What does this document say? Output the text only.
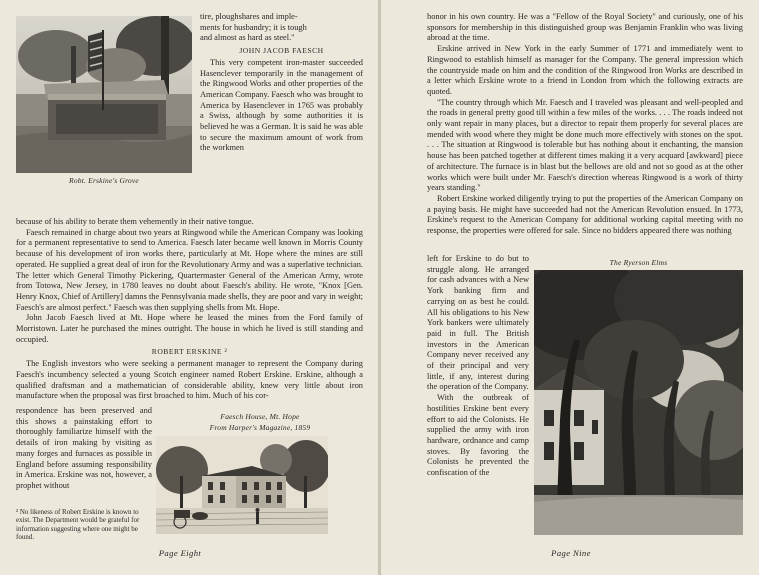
Robt. Erskine's Grove
tire, ploughshares and imple-
ments for husbandry; it is tough
and almost as hard as steel."
JOHN JACOB FAESCH

This very competent iron-master succeeded Hasenclever temporarily in the management of the Ringwood Works and other properties of the American Company. Faesch who was brought to America by Hasenclever in 1765 was probably a Swiss, although by some authorities it is believed he was a German. It is said he was able to secure the maximum amount of work from the workmen

because of his ability to berate them vehemently in their native tongue.

Faesch remained in charge about two years at Ringwood while the American Company was looking for a permanent representative to send to America. Faesch later became well known in Morris County because of his development of iron works there, particularly at Mt. Hope where the mines are still operated. He supplied a great deal of iron for the Revolutionary Army and was a superlative technician. The letter which General Timothy Pickering, Quartermaster General of the American Army, wrote from Totowa, New Jersey, in 1780 leaves no doubt about Faesch's ability. He wrote, "Knox [Gen. Henry Knox, Chief of Artillery] damns the Pennsylvania made shells, they are poor and vary in weight; Faesch's are almost perfect." Faesch was then supplying shells from Mt. Hope.

John Jacob Faesch lived at Mt. Hope where he leased the mines from the Ford family of Morristown. Later he purchased the mines outright. The house in which he lived is still standing and occupied.

ROBERT ERSKINE ²

The English investors who were seeking a permanent manager to represent the Company during Faesch's incumbency selected a young Scotch engineer named Robert Erskine. Erskine, although a qualified draftsman and a mathematician of considerable ability, knew very little about iron manufacture when the proposal was first broached to him. Much of his cor-

respondence has been preserved and this shows a painstaking effort to thoroughly familiarize himself with the details of iron making by visiting as many forges and furnaces as possible in England before assuming responsibility in America. Erskine was not, however, a prophet without

Faesch House, Mt. Hope
From Harper's Magazine, 1859
² No likeness of Robert Erskine is known to exist. The Department would be grateful for information suggesting where one might be found.
Page Eight

honor in his own country. He was a "Fellow of the Royal Society" and curiously, one of his sponsors for membership in this distinguished group was Benjamin Franklin who was living abroad at the time.

Erskine arrived in New York in the early Summer of 1771 and immediately went to Ringwood to establish himself as manager for the Company. The general impression which the countryside made on him and the condition of the Ringwood Iron Works are described in a letter which Erskine wrote to a friend in London from which the following extracts are quoted.

"The country through which Mr. Faesch and I traveled was pleasant and well-peopled and the roads in general pretty good till within a few miles of the works. . . . The roads indeed not only want repair in many places, but a director to repair them properly for several places are mended with wood where they might be done much more effectively with stones on the spot. . . . The situation at Ringwood is tolerable but has nothing about it enchanting, the mansion house has been patched together at different times making it a very acquard [awkward] piece of architecture. The furnace is in blast but the bellows are old and not so good as at the other works which were built under Mr. Faesch's direction whereas Ringwood is a work of thirty years standing."

Robert Erskine worked diligently trying to put the properties of the American Company on a paying basis. He might have succeeded had not the American Revolution ensued. In 1773, Erskine's request to the American Company for additional working capital meeting with no response, the properties were offered for sale. Since no bidders appeared there was nothing

left for Erskine to do but to struggle along. He arranged for cash advances with a New York banking firm and carrying on as best he could. All his obligations to his New York bankers were ultimately paid in full. The British investors in the American Company never received any of their principal and very little, if any, interest during the operation of the Company.

With the outbreak of hostilities Erskine bent every effort to aid the Colonists. He supplied the army with iron hardware, ordnance and camp stoves. By favoring the Colonists he prevented the confiscation of the

The Ryerson Elms
Page Nine
